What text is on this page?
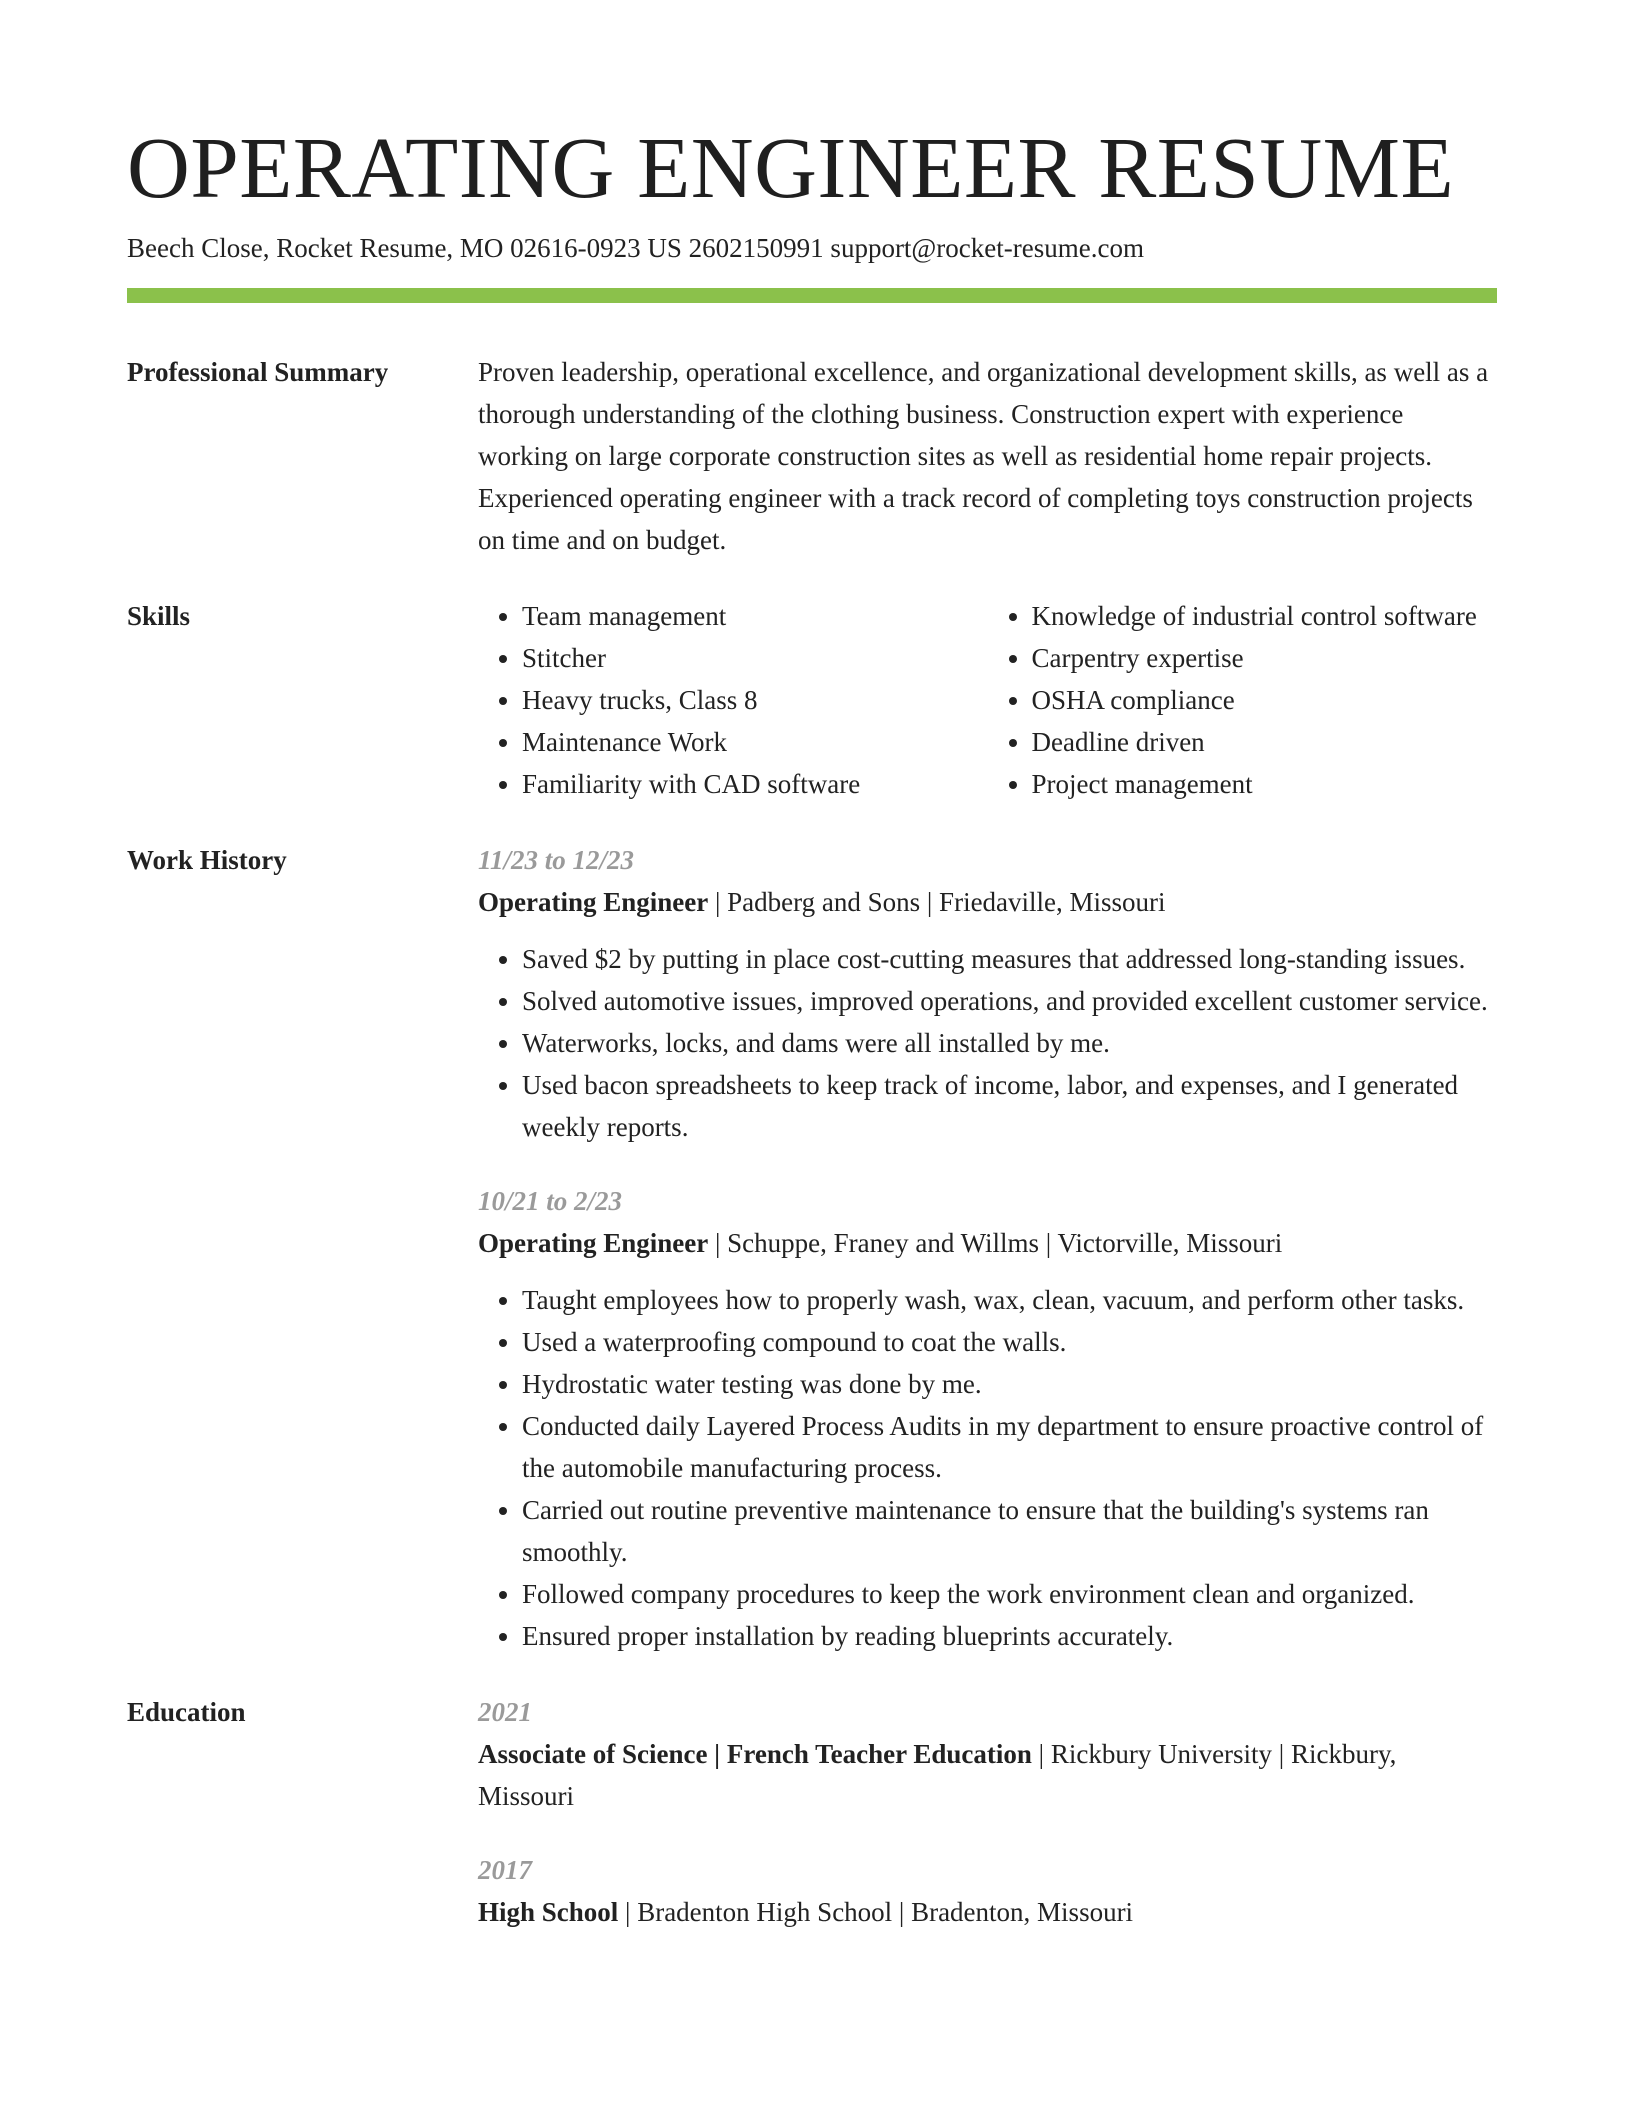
OPERATING ENGINEER RESUME
Beech Close, Rocket Resume, MO 02616-0923 US 2602150991 support@rocket-resume.com
Professional Summary	Proven leadership, operational excellence, and organizational development skills, as well as a thorough understanding of the clothing business. Construction expert with experience working on large corporate construction sites as well as residential home repair projects. Experienced operating engineer with a track record of completing toys construction projects on time and on budget.

Skills
•	Team management
• Stitcher
• Heavy trucks, Class 8
• Maintenance Work
• Familiarity with CAD software
• Knowledge of industrial control software
• Carpentry expertise
• OSHA compliance
• Deadline driven
• Project management
Work History	11/23 to 12/23
Operating Engineer | Padberg and Sons | Friedaville, Missouri
• Saved $2 by putting in place cost-cutting measures that addressed long-standing issues.
• Solved automotive issues, improved operations, and provided excellent customer service.
• Waterworks, locks, and dams were all installed by me.
• Used bacon spreadsheets to keep track of income, labor, and expenses, and I generated weekly reports.
10/21 to 2/23
Operating Engineer | Schuppe, Franey and Willms | Victorville, Missouri
• Taught employees how to properly wash, wax, clean, vacuum, and perform other tasks.
• Used a waterproofing compound to coat the walls.
• Hydrostatic water testing was done by me.
• Conducted daily Layered Process Audits in my department to ensure proactive control of the automobile manufacturing process.
• Carried out routine preventive maintenance to ensure that the building's systems ran smoothly.
• Followed company procedures to keep the work environment clean and organized.
• Ensured proper installation by reading blueprints accurately.
Education	2021
Associate of Science | French Teacher Education | Rickbury University | Rickbury, Missouri
2017
High School | Bradenton High School | Bradenton, Missouri
